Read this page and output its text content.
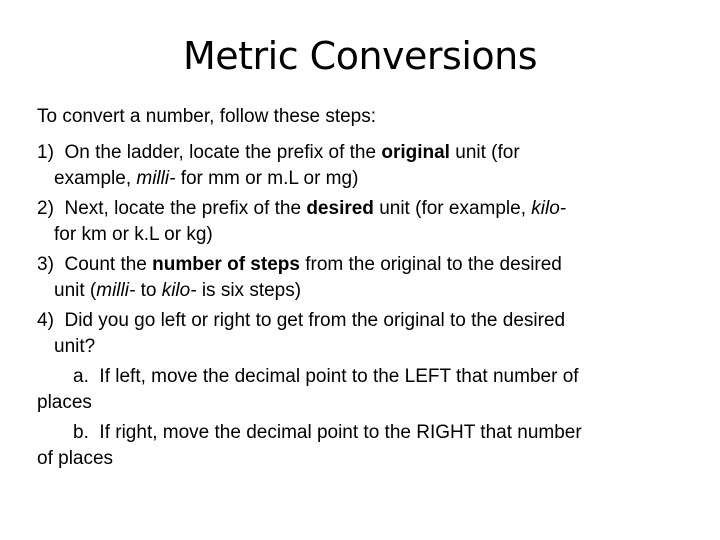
Metric Conversions
To convert a number, follow these steps:
1) On the ladder, locate the prefix of the original unit (for
example, milli- for mm or m.L or mg)
2) Next, locate the prefix of the desired unit (for example, kilo-
for km or k.L or kg)
3) Count the number of steps from the original to the desired
unit (milli- to kilo- is six steps)
4) Did you go left or right to get from the original to the desired
unit?
a. If left, move the decimal point to the LEFT that number of
places
b. If right, move the decimal point to the RIGHT that number
of places
